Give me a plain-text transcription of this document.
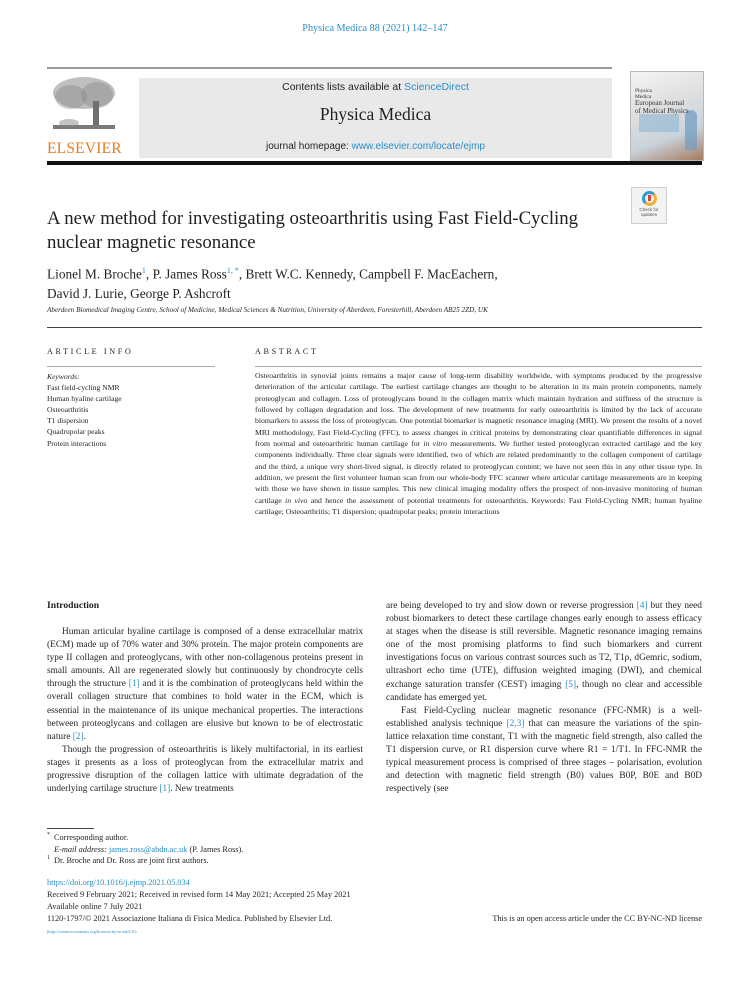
Physica Medica 88 (2021) 142–147
ELSEVIER
Contents lists available at ScienceDirect
Physica Medica
journal homepage: www.elsevier.com/locate/ejmp
Physica
Medica
European Journal
of Medical Physics
Check for
updates
A new method for investigating osteoarthritis using Fast Field-Cycling nuclear magnetic resonance
Lionel M. Broche$^1$, P. James Ross$^{1, *}$, Brett W.C. Kennedy, Campbell F. MacEachern,
David J. Lurie, George P. Ashcroft
Aberdeen Biomedical Imaging Centre, School of Medicine, Medical Sciences & Nutrition, University of Aberdeen, Foresterhill, Aberdeen AB25 2ZD, UK
ARTICLE INFO
Keywords:
Fast field-cycling NMR
Human hyaline cartilage
Osteoarthritis
T1 dispersion
Quadrupolar peaks
Protein interactions
ABSTRACT

Osteoarthritis in synovial joints remains a major cause of long-term disability worldwide, with symptoms produced by the progressive deterioration of the articular cartilage. The earliest cartilage changes are thought to be alteration in its main protein components, namely proteoglycan and collagen. Loss of proteoglycans bound in the collagen matrix which maintain hydration and stiffness of the structure is followed by collagen degradation and loss. The development of new treatments for early osteoarthritis is limited by the lack of accurate biomarkers to assess the loss of proteoglycan. One potential biomarker is magnetic resonance imaging (MRI). We present the results of a novel MRI methodology, Fast Field-Cycling (FFC), to assess changes in critical proteins by demonstrating clear quantifiable differences in signal from normal and osteoarthritic human cartilage for in vitro measurements. We further tested proteoglycan extracted cartilage and the key components individually. Three clear signals were identified, two of which are related predominantly to the collagen component of cartilage and the third, a unique very short-lived signal, is directly related to proteoglycan content; we have not seen this in any other tissue type. In addition, we present the first volunteer human scan from our whole-body FFC scanner where articular cartilage measurements are in keeping with those we have shown in tissue samples. This new clinical imaging modality offers the prospect of non-invasive monitoring of human cartilage in vivo and hence the assessment of potential treatments for osteoarthritis. Keywords: Fast Field-Cycling NMR; human hyaline cartilage; Osteoarthritis; T1 dispersion; quadrupolar peaks; protein interactions

Introduction

Human articular hyaline cartilage is composed of a dense extracellular matrix (ECM) made up of 70% water and 30% protein. The major protein components are type II collagen and proteoglycans, with other non-collagenous proteins present in small amounts. All are regenerated slowly but continuously by chondrocyte cells through the structure [1] and it is the combination of proteoglycans held within the overall collagen structure that combines to hold water in the ECM, which is essential in the maintenance of its unique mechanical properties. The interactions between proteoglycans and collagen are elusive but known to be of electrostatic nature [2].

Though the progression of osteoarthritis is likely multifactorial, in its earliest stages it presents as a loss of proteoglycan from the extracellular matrix and progressive disruption of the collagen lattice with ultimate degradation of the underlying cartilage structure [1]. New treatments

are being developed to try and slow down or reverse progression [4] but they need robust biomarkers to detect these cartilage changes early enough to assess efficacy at stages when the disease is still reversible. Magnetic resonance imaging remains one of the most promising platforms to find such biomarkers and current investigations focus on various contrast sources such as T2, T1ρ, dGemric, sodium, ultrashort echo time (UTE), diffusion weighted imaging (DWI), and chemical exchange saturation transfer (CEST) imaging [5], though no clear and accessible candidate has emerged yet.

Fast Field-Cycling nuclear magnetic resonance (FFC-NMR) is a well-established analysis technique [2,3] that can measure the variations of the spin-lattice relaxation time constant, T1 with the magnetic field strength, also called the T1 dispersion curve, or R1 dispersion curve where R1 = 1/T1. In FFC-NMR the typical measurement process is comprised of three stages – polarisation, evolution and detection with magnetic field strength (B0) values B0P, B0E and B0D respectively (see

* Corresponding author.
E-mail address: james.ross@abdn.ac.uk (P. James Ross).
1 Dr. Broche and Dr. Ross are joint first authors.
https://doi.org/10.1016/j.ejmp.2021.05.034
Received 9 February 2021; Received in revised form 14 May 2021; Accepted 25 May 2021
Available online 7 July 2021
1120-1797/© 2021 Associazione Italiana di Fisica Medica. Published by Elsevier Ltd.	This is an open access article under the CC BY-NC-ND license
(http://creativecommons.org/licenses/by-nc-nd/4.0/).
